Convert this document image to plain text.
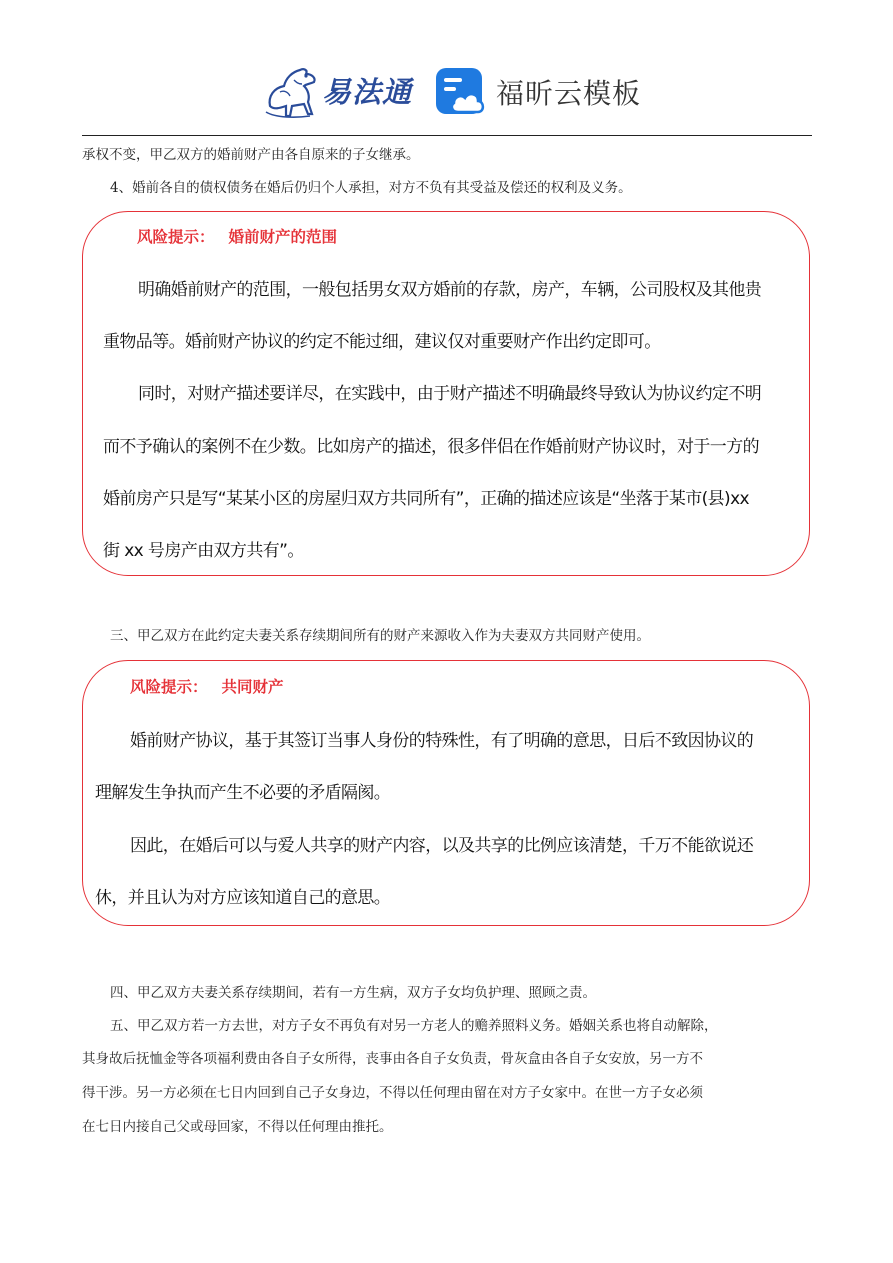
易法通	福昕云模板

承权不变，甲乙双方的婚前财产由各自原来的子女继承。

4、婚前各自的债权债务在婚后仍归个人承担，对方不负有其受益及偿还的权利及义务。

风险提示： 婚前财产的范围
明确婚前财产的范围，一般包括男女双方婚前的存款，房产，车辆，公司股权及其他贵
重物品等。婚前财产协议的约定不能过细，建议仅对重要财产作出约定即可。
同时，对财产描述要详尽，在实践中，由于财产描述不明确最终导致认为协议约定不明
而不予确认的案例不在少数。比如房产的描述，很多伴侣在作婚前财产协议时，对于一方的
婚前房产只是写“某某小区的房屋归双方共同所有”，正确的描述应该是“坐落于某市(县)xx
街 xx 号房产由双方共有”。

三、甲乙双方在此约定夫妻关系存续期间所有的财产来源收入作为夫妻双方共同财产使用。

风险提示： 共同财产
婚前财产协议，基于其签订当事人身份的特殊性，有了明确的意思，日后不致因协议的
理解发生争执而产生不必要的矛盾隔阂。
因此，在婚后可以与爱人共享的财产内容，以及共享的比例应该清楚，千万不能欲说还
休，并且认为对方应该知道自己的意思。

四、甲乙双方夫妻关系存续期间，若有一方生病，双方子女均负护理、照顾之责。

五、甲乙双方若一方去世，对方子女不再负有对另一方老人的赡养照料义务。婚姻关系也将自动解除，

其身故后抚恤金等各项福利费由各自子女所得，丧事由各自子女负责，骨灰盒由各自子女安放，另一方不

得干涉。另一方必须在七日内回到自己子女身边，不得以任何理由留在对方子女家中。在世一方子女必须

在七日内接自己父或母回家，不得以任何理由推托。
